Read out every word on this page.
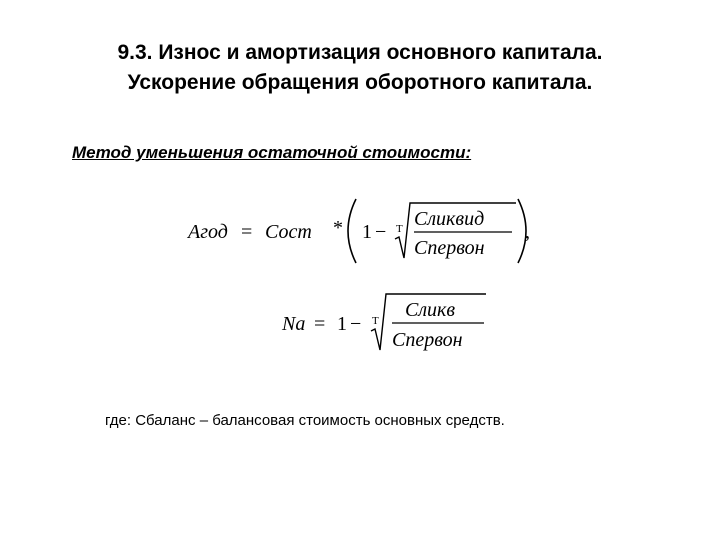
9.3. Износ и амортизация основного капитала.
Ускорение обращения оборотного капитала.
Метод уменьшения остаточной стоимости:
Агод = Сост * 1 − Т Сликвид
Спервон
,
Nа = 1 − Т Сликв
Спервон
где: Сбаланс – балансовая стоимость основных средств.
